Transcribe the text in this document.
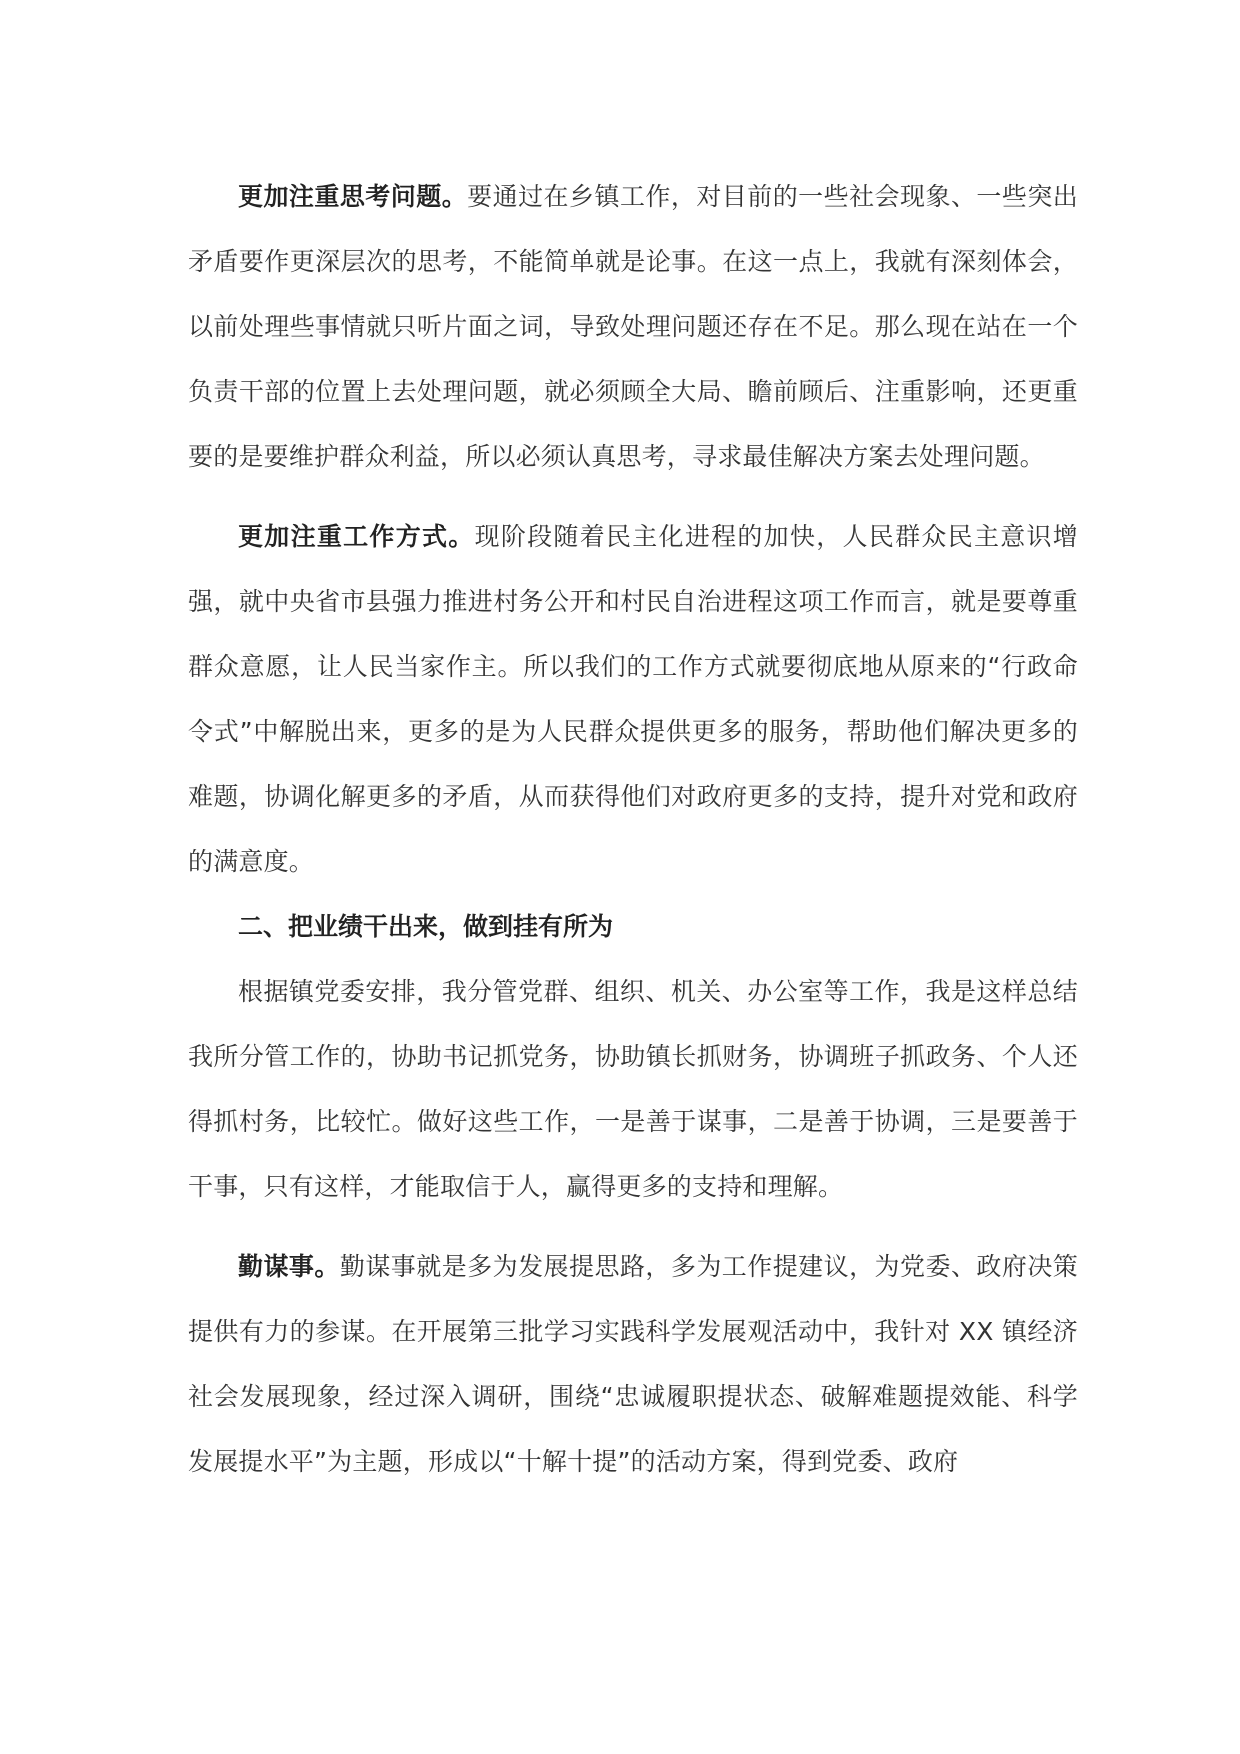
更加注重思考问题。要通过在乡镇工作，对目前的一些社会现象、一些突出矛盾要作更深层次的思考，不能简单就是论事。在这一点上，我就有深刻体会，以前处理些事情就只听片面之词，导致处理问题还存在不足。那么现在站在一个负责干部的位置上去处理问题，就必须顾全大局、瞻前顾后、注重影响，还更重要的是要维护群众利益，所以必须认真思考，寻求最佳解决方案去处理问题。

更加注重工作方式。现阶段随着民主化进程的加快，人民群众民主意识增强，就中央省市县强力推进村务公开和村民自治进程这项工作而言，就是要尊重群众意愿，让人民当家作主。所以我们的工作方式就要彻底地从原来的“行政命令式”中解脱出来，更多的是为人民群众提供更多的服务，帮助他们解决更多的难题，协调化解更多的矛盾，从而获得他们对政府更多的支持，提升对党和政府的满意度。

二、把业绩干出来，做到挂有所为

根据镇党委安排，我分管党群、组织、机关、办公室等工作，我是这样总结我所分管工作的，协助书记抓党务，协助镇长抓财务，协调班子抓政务、个人还得抓村务，比较忙。做好这些工作，一是善于谋事，二是善于协调，三是要善于干事，只有这样，才能取信于人，赢得更多的支持和理解。

勤谋事。勤谋事就是多为发展提思路，多为工作提建议，为党委、政府决策提供有力的参谋。在开展第三批学习实践科学发展观活动中，我针对 XX 镇经济社会发展现象，经过深入调研，围绕“忠诚履职提状态、破解难题提效能、科学发展提水平”为主题，形成以“十解十提”的活动方案，得到党委、政府
